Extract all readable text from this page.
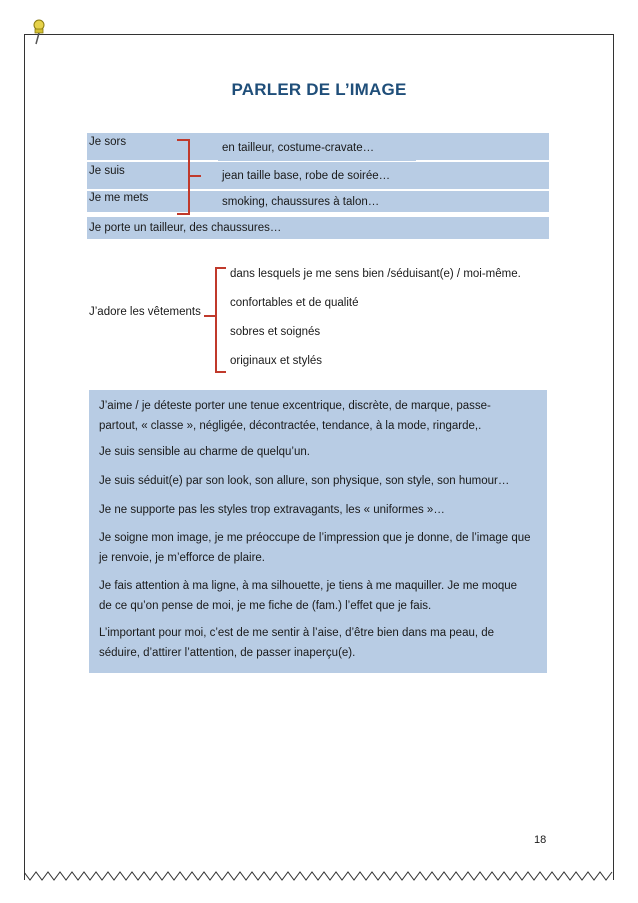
PARLER DE L’IMAGE
Je sors
Je suis
Je me mets
en tailleur, costume-cravate…
jean taille base, robe de soirée…
smoking, chaussures à talon…
Je porte un tailleur, des chaussures…
J’adore les vêtements
dans lesquels je me sens bien /séduisant(e) / moi-même.
confortables et de qualité
sobres et soignés
originaux et stylés
J’aime / je déteste porter une tenue excentrique, discrète, de marque, passe-
partout, « classe », négligée, décontractée, tendance, à la mode, ringarde,.
Je suis sensible au charme de quelqu’un.
Je suis séduit(e) par son look, son allure, son physique, son style, son humour…
Je ne supporte pas les styles trop extravagants, les « uniformes »…
Je soigne mon image, je me préoccupe de l’impression que je donne, de l’image que
je renvoie, je m’efforce de plaire.
Je fais attention à ma ligne, à ma silhouette, je tiens à me maquiller. Je me moque
de ce qu’on pense de moi, je me fiche de (fam.) l’effet que je fais.
L’important pour moi, c’est de me sentir à l’aise, d’être bien dans ma peau, de
séduire, d’attirer l’attention, de passer inaperçu(e).
18
